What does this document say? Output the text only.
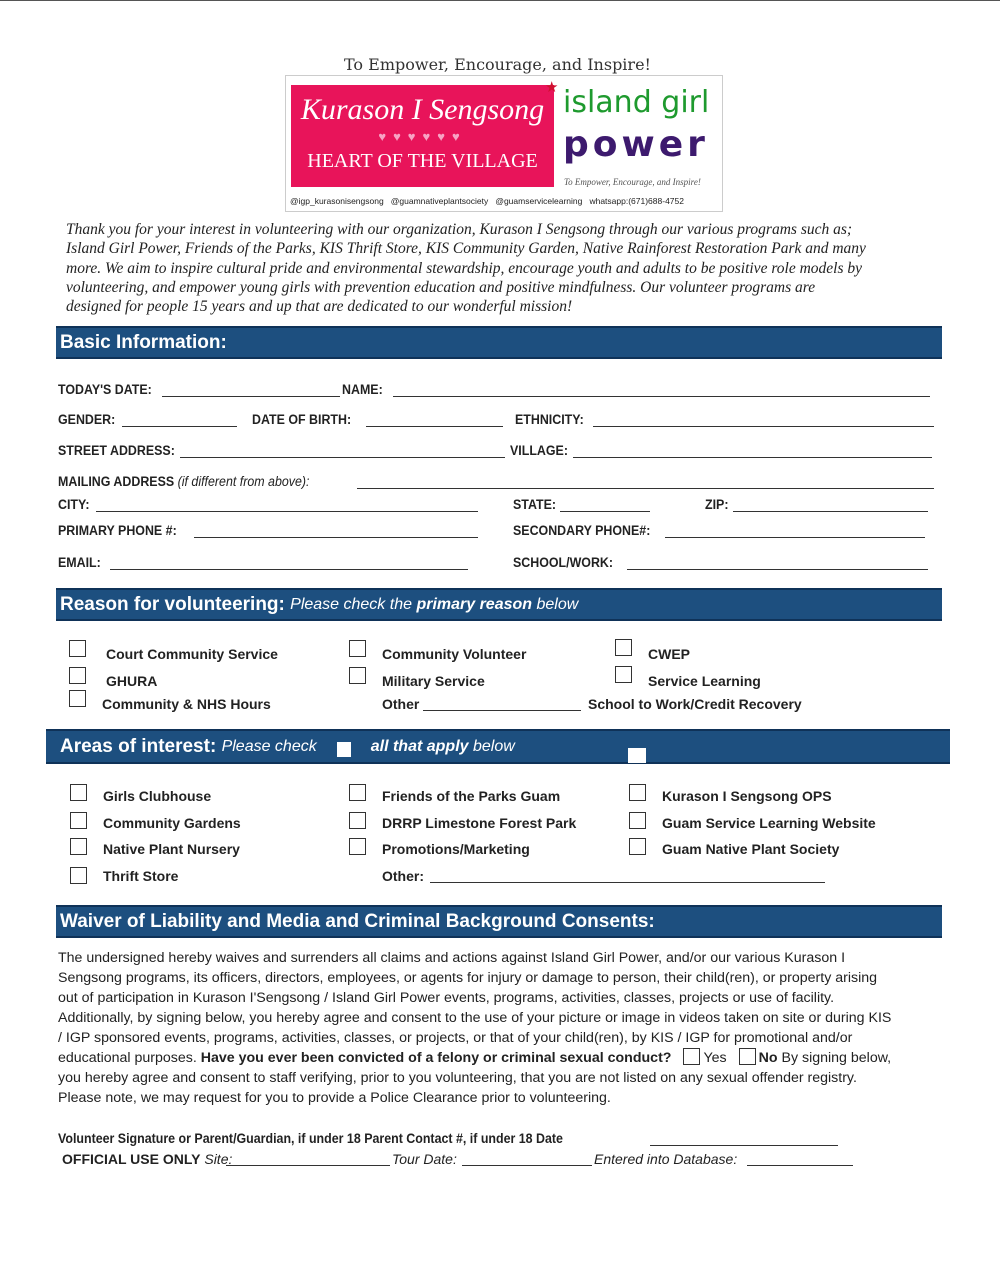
To Empower, Encourage, and Inspire!
Kurason I Sengsong
♥♥♥♥♥♥
HEART OF THE VILLAGE
★ island girl
power
To Empower, Encourage, and Inspire!
@igp_kurasonisengsong   @guamnativeplantsociety   @guamservicelearning   whatsapp:(671)688-4752
Thank you for your interest in volunteering with our organization, Kurason I Sengsong through our various programs such as;
Island Girl Power, Friends of the Parks, KIS Thrift Store, KIS Community Garden, Native Rainforest Restoration Park and many
more. We aim to inspire cultural pride and environmental stewardship, encourage youth and adults to be positive role models by
volunteering, and empower young girls with prevention education and positive mindfulness. Our volunteer programs are
designed for people 15 years and up that are dedicated to our wonderful mission!
Basic Information:
TODAY'S DATE:	NAME:
GENDER:	DATE OF BIRTH:	ETHNICITY:
STREET ADDRESS:	VILLAGE:
MAILING ADDRESS (if different from above):
CITY:	STATE:	ZIP:
PRIMARY PHONE #:	SECONDARY PHONE#:
EMAIL:	SCHOOL/WORK:
Reason for volunteering:
Please check the primary reason below
Court Community Service
GHURA
Community & NHS Hours
Community Volunteer
Military Service
Other
CWEP
Service Learning
School to Work/Credit Recovery
Areas of interest:
Please check	all that apply below
Girls Clubhouse
Community Gardens
Native Plant Nursery
Thrift Store
Friends of the Parks Guam
DRRP Limestone Forest Park
Promotions/Marketing
Other:
Kurason I Sengsong OPS
Guam Service Learning Website
Guam Native Plant Society
Waiver of Liability and Media and Criminal Background Consents:
The undersigned hereby waives and surrenders all claims and actions against Island Girl Power, and/or our various Kurason I
Sengsong programs, its officers, directors, employees, or agents for injury or damage to person, their child(ren), or property arising
out of participation in Kurason I'Sengsong / Island Girl Power events, programs, activities, classes, projects or use of facility.
Additionally, by signing below, you hereby agree and consent to the use of your picture or image in videos taken on site or during KIS
/ IGP sponsored events, programs, activities, classes, or projects, or that of your child(ren), by KIS / IGP for promotional and/or
educational purposes. Have you ever been convicted of a felony or criminal sexual conduct? Yes No By signing below,
you hereby agree and consent to staff verifying, prior to you volunteering, that you are not listed on any sexual offender registry.
Please note, we may request for you to provide a Police Clearance prior to volunteering.
Volunteer Signature or Parent/Guardian, if under 18 Parent Contact #, if under 18 Date
OFFICIAL USE ONLY Site:	Tour Date:	Entered into Database:
